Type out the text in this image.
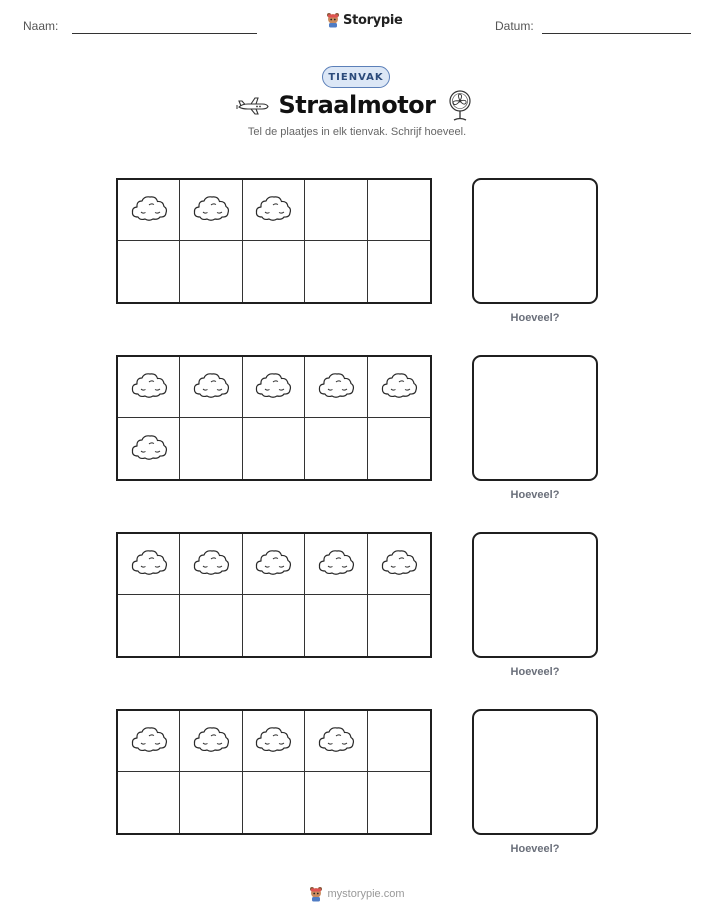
Naam:	Storypie	Datum:
TIENVAK
Straalmotor
Tel de plaatjes in elk tienvak. Schrijf hoeveel.
Hoeveel?
Hoeveel?
Hoeveel?
Hoeveel?
mystorypie.com
